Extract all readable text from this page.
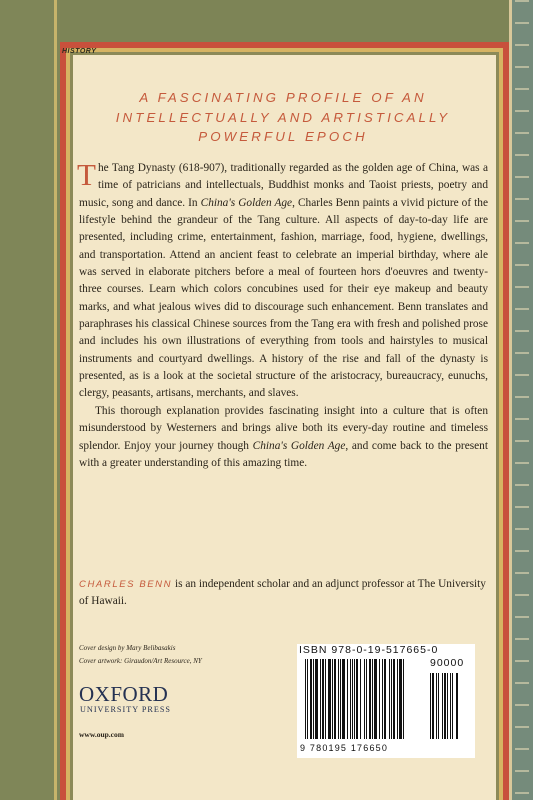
HISTORY
A FASCINATING PROFILE OF AN INTELLECTUALLY AND ARTISTICALLY POWERFUL EPOCH

The Tang Dynasty (618-907), traditionally regarded as the golden age of China, was a time of patricians and intellectuals, Buddhist monks and Taoist priests, poetry and music, song and dance. In China's Golden Age, Charles Benn paints a vivid picture of the lifestyle behind the grandeur of the Tang culture. All aspects of day-to-day life are presented, including crime, entertainment, fashion, marriage, food, hygiene, dwellings, and transportation. Attend an ancient feast to celebrate an imperial birthday, where ale was served in elaborate pitchers before a meal of fourteen hors d'oeuvres and twenty-three courses. Learn which colors concubines used for their eye makeup and beauty marks, and what jealous wives did to discourage such enhancement. Benn translates and paraphrases his classical Chinese sources from the Tang era with fresh and polished prose and includes his own illustrations of everything from tools and hairstyles to musical instruments and courtyard dwellings. A history of the rise and fall of the dynasty is presented, as is a look at the societal structure of the aristocracy, bureaucracy, eunuchs, clergy, peasants, artisans, merchants, and slaves.

This thorough explanation provides fascinating insight into a culture that is often misunderstood by Westerners and brings alive both its every-day routine and timeless splendor. Enjoy your journey though China's Golden Age, and come back to the present with a greater understanding of this amazing time.

CHARLES BENN is an independent scholar and an adjunct professor at The University of Hawaii.
Cover design by Mary Belibasakis
Cover artwork: Giraudon/Art Resource, NY
OXFORD
UNIVERSITY PRESS
www.oup.com
ISBN 978-0-19-517665-0
90000
9 780195 176650
